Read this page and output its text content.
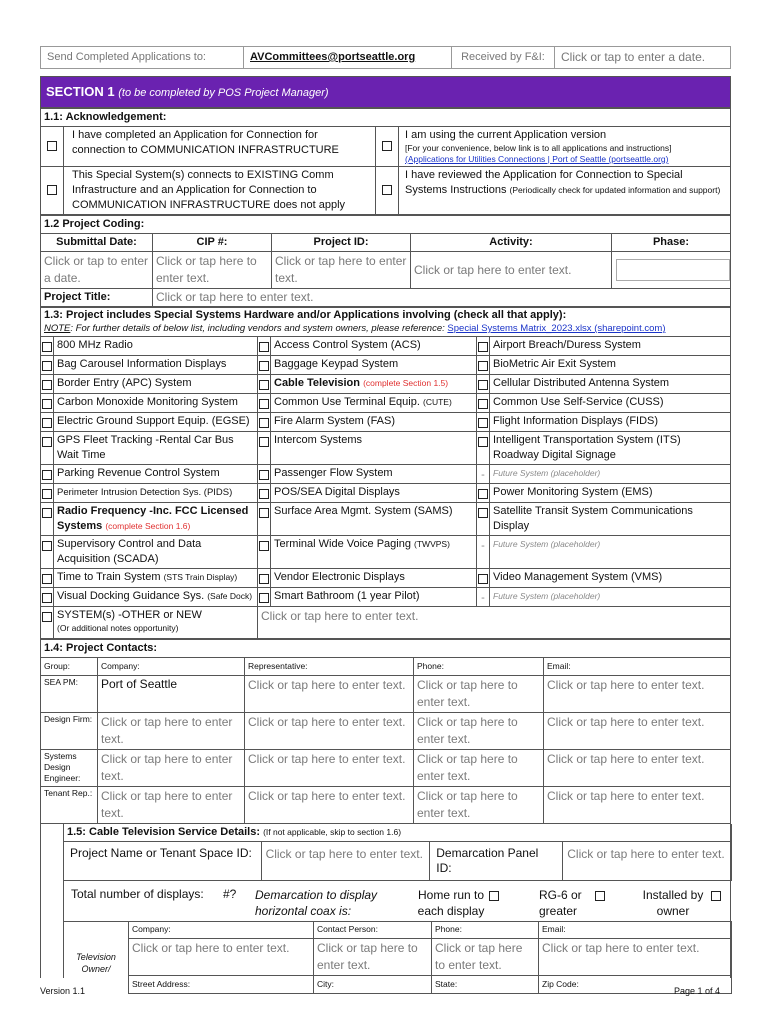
Send Completed Applications to:	AVCommittees@portseattle.org	Received by F&I:	Click or tap to enter a date.
SECTION 1 (to be completed by POS Project Manager)
1.1: Acknowledgement:			
	I have completed an Application for Connection for connection to COMMUNICATION INFRASTRUCTURE		I am using the current Application version
[For your convenience, below link is to all applications and instructions]
(Applications for Utilities Connections | Port of Seattle (portseattle.org)

	This Special System(s) connects to EXISTING Comm Infrastructure and an Application for Connection to COMMUNICATION INFRASTRUCTURE does not apply		I have reviewed the Application for Connection to Special Systems Instructions (Periodically check for updated information and support)
1.2 Project Coding:				
Submittal Date:	CIP #:	Project ID:	Activity:	Phase:
Click or tap to enter a date.	Click or tap here to enter text.	Click or tap here to enter text.	Click or tap here to enter text.	

Project Title:	Click or tap here to enter text.			
1.3: Project includes Special Systems Hardware and/or Applications involving (check all that apply):
NOTE: For further details of below list, including vendors and system owners, please reference: Special Systems Matrix_2023.xlsx (sharepoint.com)					

	800 MHz Radio		Access Control System (ACS)		Airport Breach/Duress System
	Bag Carousel Information Displays		Baggage Keypad System		BioMetric Air Exit System
	Border Entry (APC) System		Cable Television (complete Section 1.5)		Cellular Distributed Antenna System
	Carbon Monoxide Monitoring System		Common Use Terminal Equip. (CUTE)		Common Use Self-Service (CUSS)
	Electric Ground Support Equip. (EGSE)		Fire Alarm System (FAS)		Flight Information Displays (FIDS)
	GPS Fleet Tracking -Rental Car Bus Wait Time		Intercom Systems		Intelligent Transportation System (ITS) Roadway Digital Signage
	Parking Revenue Control System		Passenger Flow System	-	Future System (placeholder)
	Perimeter Intrusion Detection Sys. (PIDS)		POS/SEA Digital Displays		Power Monitoring System (EMS)
	Radio Frequency -Inc. FCC Licensed Systems (complete Section 1.6)		Surface Area Mgmt. System (SAMS)		Satellite Transit System Communications Display
	Supervisory Control and Data Acquisition (SCADA)		Terminal Wide Voice Paging (TWVPS)	-	Future System (placeholder)
	Time to Train System (STS Train Display)		Vendor Electronic Displays		Video Management System (VMS)
	Visual Docking Guidance Sys. (Safe Dock)		Smart Bathroom (1 year Pilot)	-	Future System (placeholder)

	SYSTEM(s) -OTHER or NEW
(Or additional notes opportunity)	Click or tap here to enter text.			
1.4: Project Contacts:				
Group:	Company:	Representative:	Phone:	Email:
SEA PM:	Port of Seattle	Click or tap here to enter text.	Click or tap here to enter text.	Click or tap here to enter text.
Design Firm:	Click or tap here to enter text.	Click or tap here to enter text.	Click or tap here to enter text.	Click or tap here to enter text.
Systems Design Engineer:	Click or tap here to enter text.	Click or tap here to enter text.	Click or tap here to enter text.	Click or tap here to enter text.
Tenant Rep.:	Click or tap here to enter text.	Click or tap here to enter text.	Click or tap here to enter text.	Click or tap here to enter text.
1.5: Cable Television Service Details: (If not applicable, skip to section 1.6)
Project Name or Tenant Space ID:	Click or tap here to enter text.	Demarcation Panel ID:	Click or tap here to enter text.
Total number of displays: #? Demarcation to display horizontal coax is:
Home run to each display
RG-6 or greater
Installed by owner
Television Owner/
Company:	Contact Person:	Phone:	Email:
Click or tap here to enter text.	Click or tap here to enter text.	Click or tap here to enter text.	Click or tap here to enter text.
Street Address:	City:	State:	Zip Code:
Version 1.1	Page 1 of 4
